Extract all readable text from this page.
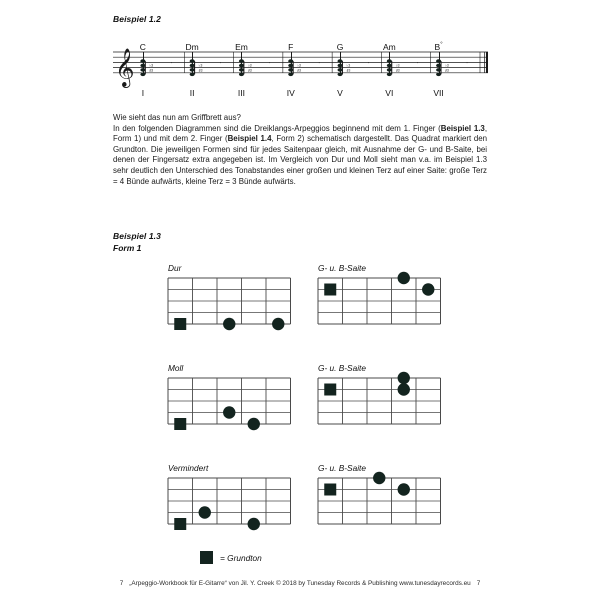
Beispiel 1.2
C	Dm	Em	F	G	Am	B°
𝄞	♯3
♭3	 ·
♯3
♭3	 ·
♯3
♭3	 ·
♯3
♭3	 ·
♯3
♭3	 ·
♯3
♭3	 ·
♯3
♭3	 ·
I	II	III	IV	V	VI	VII

Wie sieht das nun am Griffbrett aus?

In den folgenden Diagrammen sind die Dreiklangs-Arpeggios beginnend mit dem 1. Finger (Beispiel 1.3, Form 1) und mit dem 2. Finger (Beispiel 1.4, Form 2) schematisch dargestellt. Das Quadrat markiert den Grundton. Die jeweiligen Formen sind für jedes Saitenpaar gleich, mit Ausnahme der G- und B-Saite, bei denen der Fingersatz extra angegeben ist. Im Vergleich von Dur und Moll sieht man v.a. im Beispiel 1.3 sehr deutlich den Unterschied des Tonabstandes einer großen und kleinen Terz auf einer Saite: große Terz = 4 Bünde aufwärts, kleine Terz = 3 Bünde aufwärts.

Beispiel 1.3
Form 1
Dur	G- u. B-Saite
Moll	G- u. B-Saite
Vermindert	G- u. B-Saite
= Grundton
7 „Arpeggio-Workbook für E-Gitarre“ von Jil. Y. Creek © 2018 by Tunesday Records & Publishing www.tunesdayrecords.eu 7
